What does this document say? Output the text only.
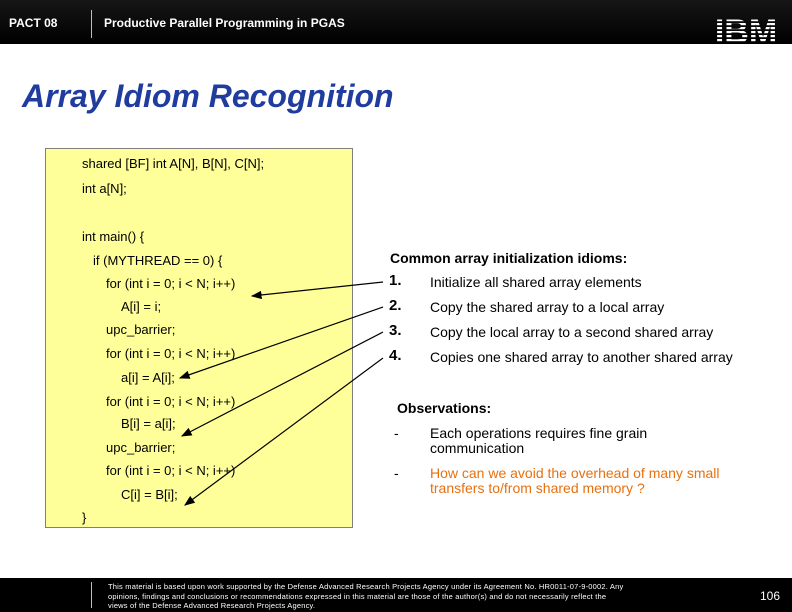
PACT 08	Productive Parallel Programming in PGAS
Array Idiom Recognition
shared [BF] int A[N], B[N], C[N];
int a[N];
int main() {
if (MYTHREAD == 0) {
for (int i = 0; i < N; i++)
A[i] = i;
upc_barrier;
for (int i = 0; i < N; i++)
a[i] = A[i];
for (int i = 0; i < N; i++)
B[i] = a[i];
upc_barrier;
for (int i = 0; i < N; i++)
C[i] = B[i];
}
Common array initialization idioms:
1. Initialize all shared array elements
2. Copy the shared array to a local array
3. Copy the local array to a second shared array
4. Copies one shared array to another shared array
Observations:
- Each operations requires fine grain communication
- How can we avoid the overhead of many small transfers to/from shared memory ?
This material is based upon work supported by the Defense Advanced Research Projects Agency under its Agreement No. HR0011-07-9-0002. Any opinions, findings and conclusions or recommendations expressed in this material are those of the author(s) and do not necessarily reflect the views of the Defense Advanced Research Projects Agency.
106
